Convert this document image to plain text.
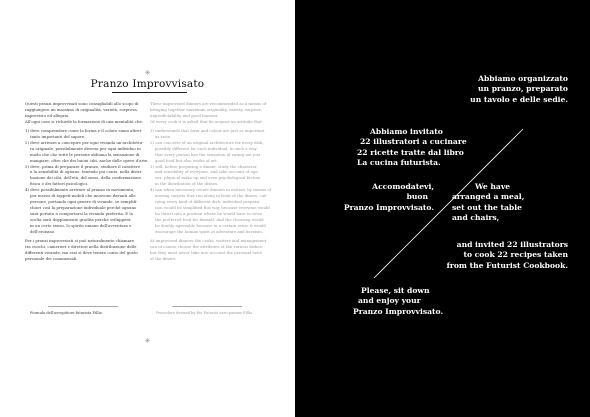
✳︎
Pranzo Improvvisato

Questi pranzi improvvisati sono consigliabili allo scopo di
raggiungere un massimo di originalità, varietà, sorpresa,
imprevisto ed allegria.
All'ogni caso si richiede la formazione di una mentalità che:

1) deve comprendere come la forma e il colore siano altret-
tanto importanti del sapore.
2) deve arrivare a concepire per ogni vivanda un'architettu-
ra originale, possibilmente diversa per ogni individuo in
modo che che tutte le persone abbiano la sensazione di
mangiare, oltre che dei buoni cibi, anche delle opere d'arte.
3) deve, prima di preparare il pranzo, studiare il carattere
e la sensibilità di ognuno, tenendo poi conto, nella distri-
buzione dei cibi, dell'età, del sesso, della conformazione
fisica e dei fattori psicologici.
4) deve possibilmente arrivare al pranzo in movimento,
per mezzo di tappeti-mobili che muovono davanti alle
persone, portando ogni genere di vivande, se semplifi-
chiori così la preparazione individuale perché ognuno
sarà portato a comportarsi la vivanda preferita. E la
scelta sarà doppiamente gradita perché svilupperà
in un certo senso, lo spirito umano dell'avventura e
dell'eroismo.

Per i pranzi improvvisati si può naturalmente chiamare
tra cuochi, camerieri e direttori nella distribuzione delle
differenti vivande, ma essi si deve tenere conto del gusto
personale dei commensali.

These improvised dinners are recommended as a means of
bringing together maximum originality, variety, surprise,
unpredictability and good humour.
Of every cook it is asked that he acquire an attitude that:

1) understands that form and colour are just as important
as taste.
2) can conceive of an original architecture for every dish,
possibly different for each individual, in such a way
that every person has the sensation of eating not just
good food but also works of art.
3) will, before preparing a dinner, study the character
and sensibility of everyone, and take account of age,
sex, physical make-up and even psychological factors
in the distribution of the dishes.
4) can when necessary create dinners in motion, by means of
moving carpets that run along in front of the diners, car-
rying every kind of different dish: individual prepara-
tion would be simplified this way because everyone would
be thrust into a position where he would have to seize
the preferred food for himself. And the choosing would
be doubly agreeable because in a certain sense it would
encourage the human spirit of adventure and heroism.

At improvised dinners the cooks, waiters and management
can of course choose the attributes of the various dishes,
but they must never take into account the personal taste
of the diners.

Formula dell'aeropittore futurista Fillia	Procedure devised by the Futurist aero-painter Fillia
✳︎
Abbiamo organizzato
un pranzo, preparato
un tavolo e delle sedie.
Abbiamo invitato
22 illustratori a cucinare
22 ricette tratte dal libro
La cucina futurista.
Accomodatevi,
buon
Pranzo Improvvisato.
We have
arranged a meal,
set out the table
and chairs,
and invited 22 illustrators
to cook 22 recipes taken
from the Futurist Cookbook.
Please, sit down
and enjoy your
Pranzo Improvvisato.
